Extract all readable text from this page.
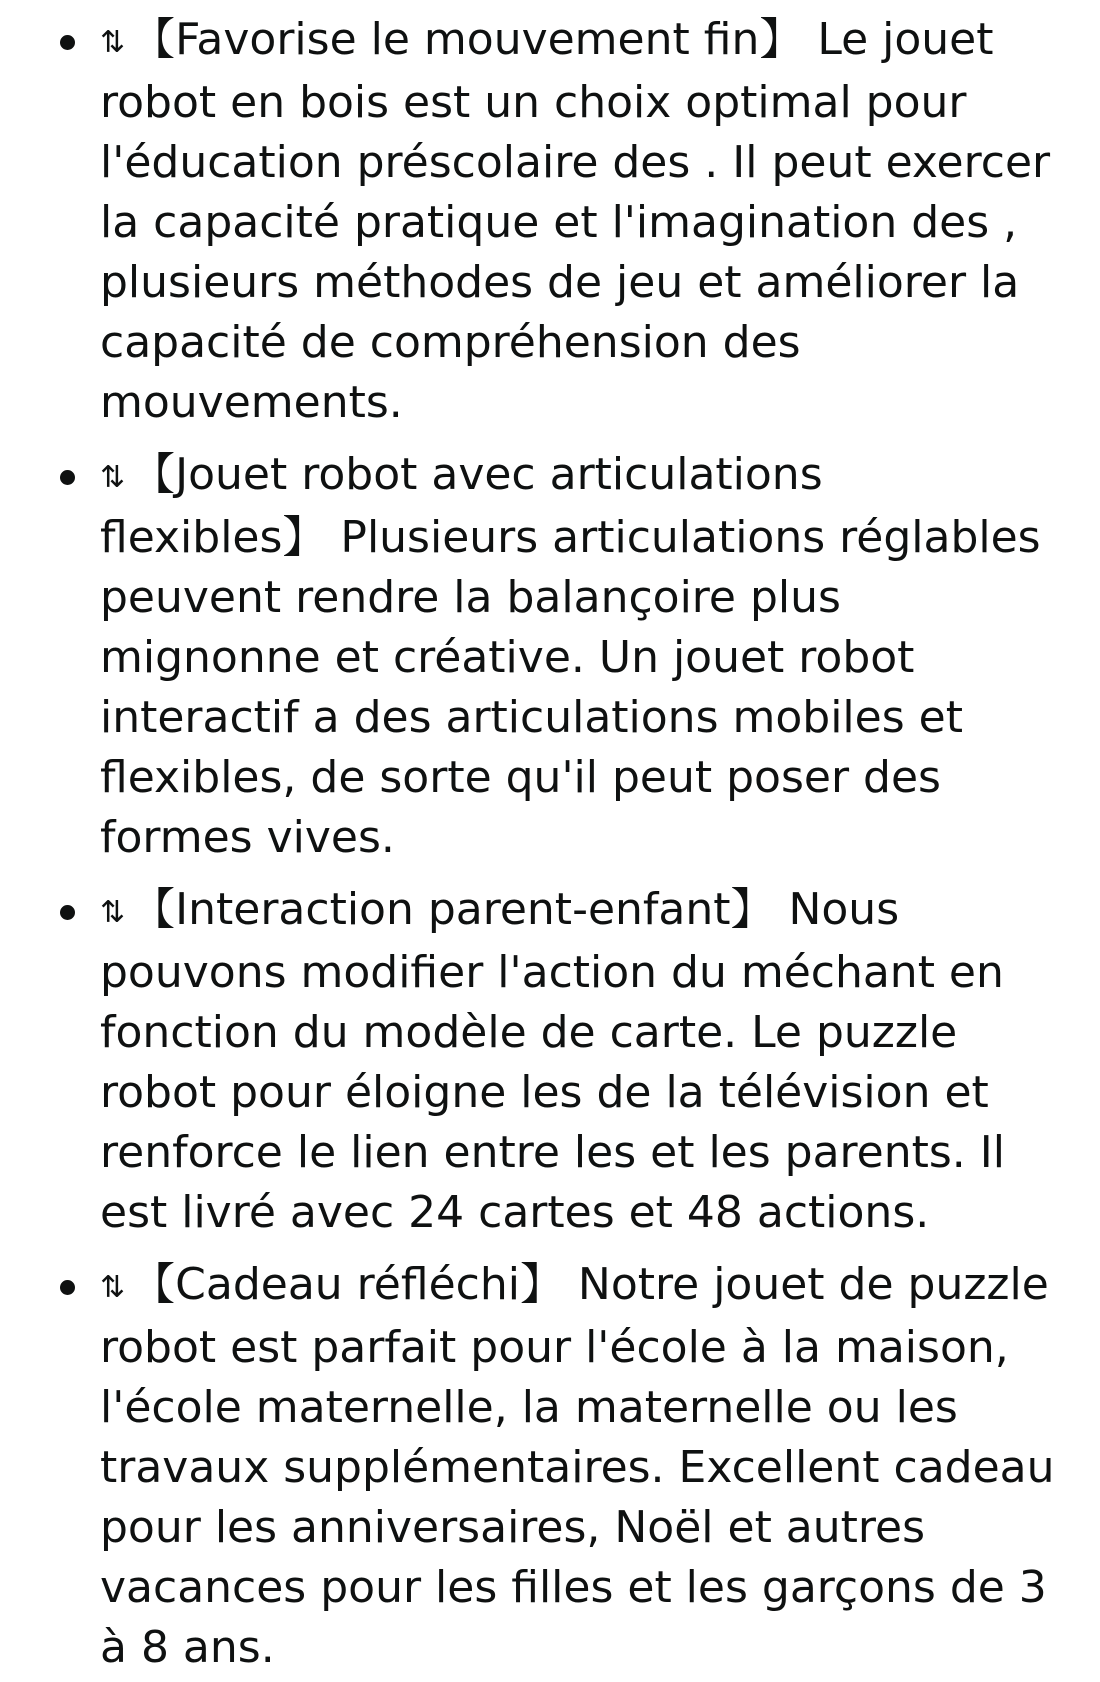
⇅ 【Favorise le mouvement fin】 Le jouet robot en bois est un choix optimal pour l'éducation préscolaire des . Il peut exercer la capacité pratique et l'imagination des , plusieurs méthodes de jeu et améliorer la capacité de compréhension des mouvements.
⇅ 【Jouet robot avec articulations flexibles】 Plusieurs articulations réglables peuvent rendre la balançoire plus mignonne et créative. Un jouet robot interactif a des articulations mobiles et flexibles, de sorte qu'il peut poser des formes vives.
⇅ 【Interaction parent-enfant】 Nous pouvons modifier l'action du méchant en fonction du modèle de carte. Le puzzle robot pour éloigne les de la télévision et renforce le lien entre les et les parents. Il est livré avec 24 cartes et 48 actions.
⇅ 【Cadeau réfléchi】 Notre jouet de puzzle robot est parfait pour l'école à la maison, l'école maternelle, la maternelle ou les travaux supplémentaires. Excellent cadeau pour les anniversaires, Noël et autres vacances pour les filles et les garçons de 3 à 8 ans.
